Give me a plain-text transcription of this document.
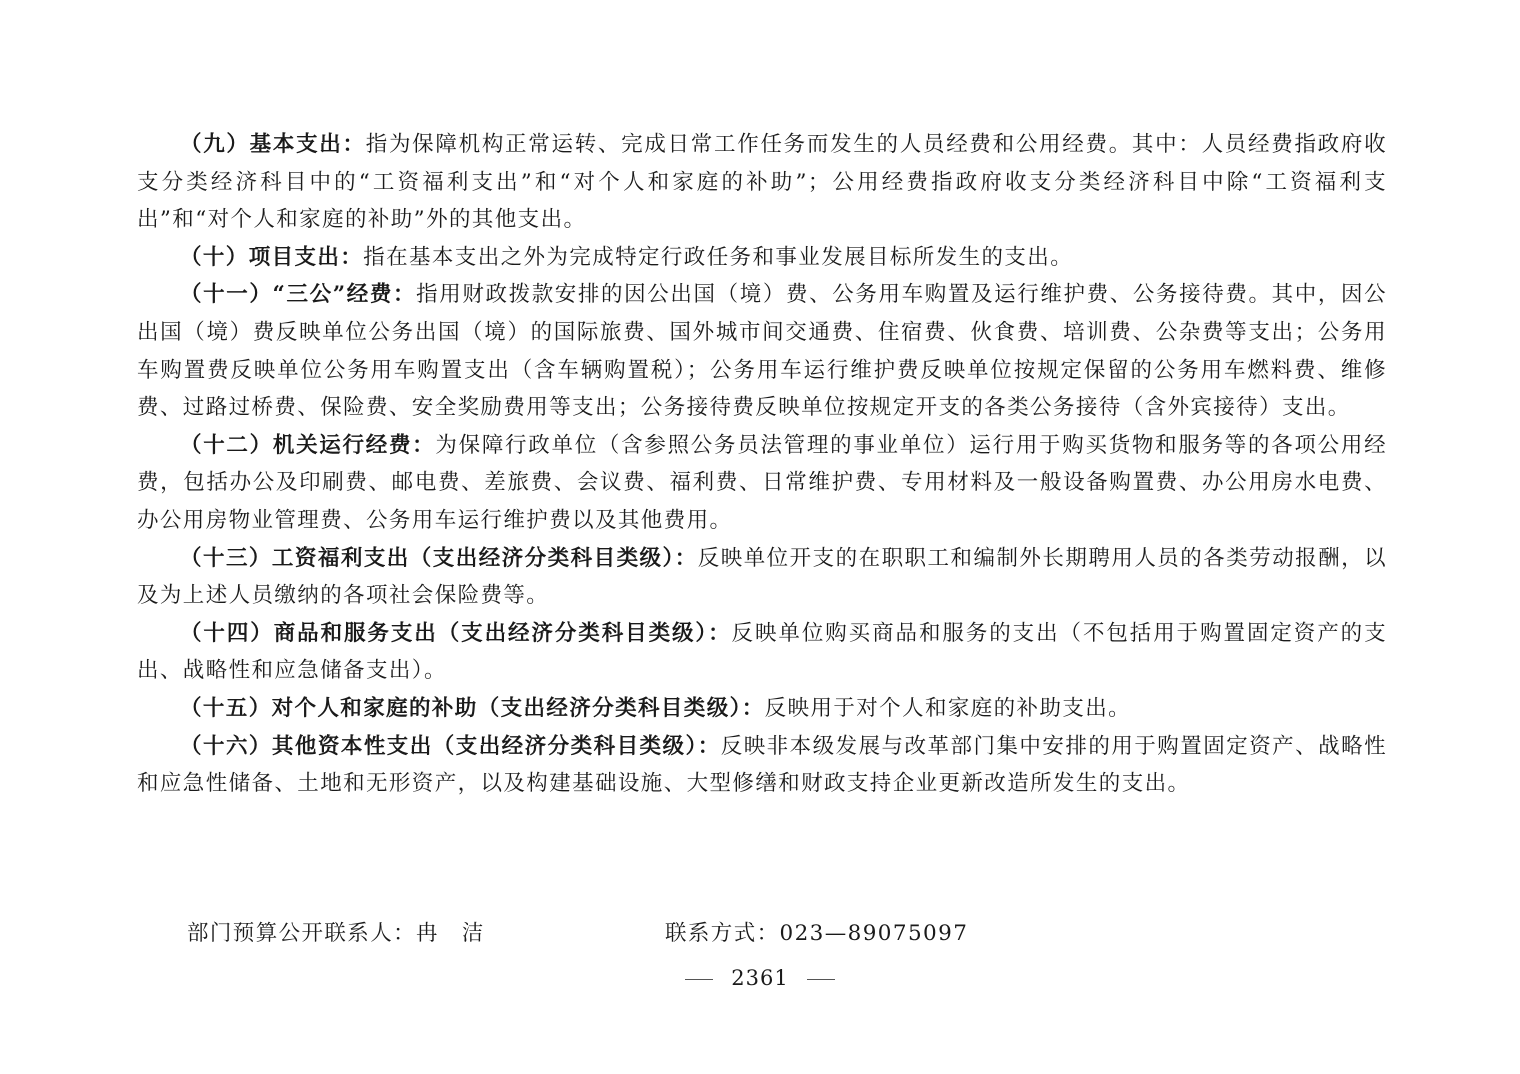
（九）基本支出：指为保障机构正常运转、完成日常工作任务而发生的人员经费和公用经费。其中：人员经费指政府收支分类经济科目中的“工资福利支出”和“对个人和家庭的补助”；公用经费指政府收支分类经济科目中除“工资福利支出”和“对个人和家庭的补助”外的其他支出。

（十）项目支出：指在基本支出之外为完成特定行政任务和事业发展目标所发生的支出。

（十一）“三公”经费：指用财政拨款安排的因公出国（境）费、公务用车购置及运行维护费、公务接待费。其中，因公出国（境）费反映单位公务出国（境）的国际旅费、国外城市间交通费、住宿费、伙食费、培训费、公杂费等支出；公务用车购置费反映单位公务用车购置支出（含车辆购置税）；公务用车运行维护费反映单位按规定保留的公务用车燃料费、维修费、过路过桥费、保险费、安全奖励费用等支出；公务接待费反映单位按规定开支的各类公务接待（含外宾接待）支出。

（十二）机关运行经费：为保障行政单位（含参照公务员法管理的事业单位）运行用于购买货物和服务等的各项公用经费，包括办公及印刷费、邮电费、差旅费、会议费、福利费、日常维护费、专用材料及一般设备购置费、办公用房水电费、办公用房物业管理费、公务用车运行维护费以及其他费用。

（十三）工资福利支出（支出经济分类科目类级）：反映单位开支的在职职工和编制外长期聘用人员的各类劳动报酬，以及为上述人员缴纳的各项社会保险费等。

（十四）商品和服务支出（支出经济分类科目类级）：反映单位购买商品和服务的支出（不包括用于购置固定资产的支出、战略性和应急储备支出）。

（十五）对个人和家庭的补助（支出经济分类科目类级）：反映用于对个人和家庭的补助支出。

（十六）其他资本性支出（支出经济分类科目类级）：反映非本级发展与改革部门集中安排的用于购置固定资产、战略性和应急性储备、土地和无形资产，以及构建基础设施、大型修缮和财政支持企业更新改造所发生的支出。

部门预算公开联系人：冉　洁	联系方式：023—89075097
2361
